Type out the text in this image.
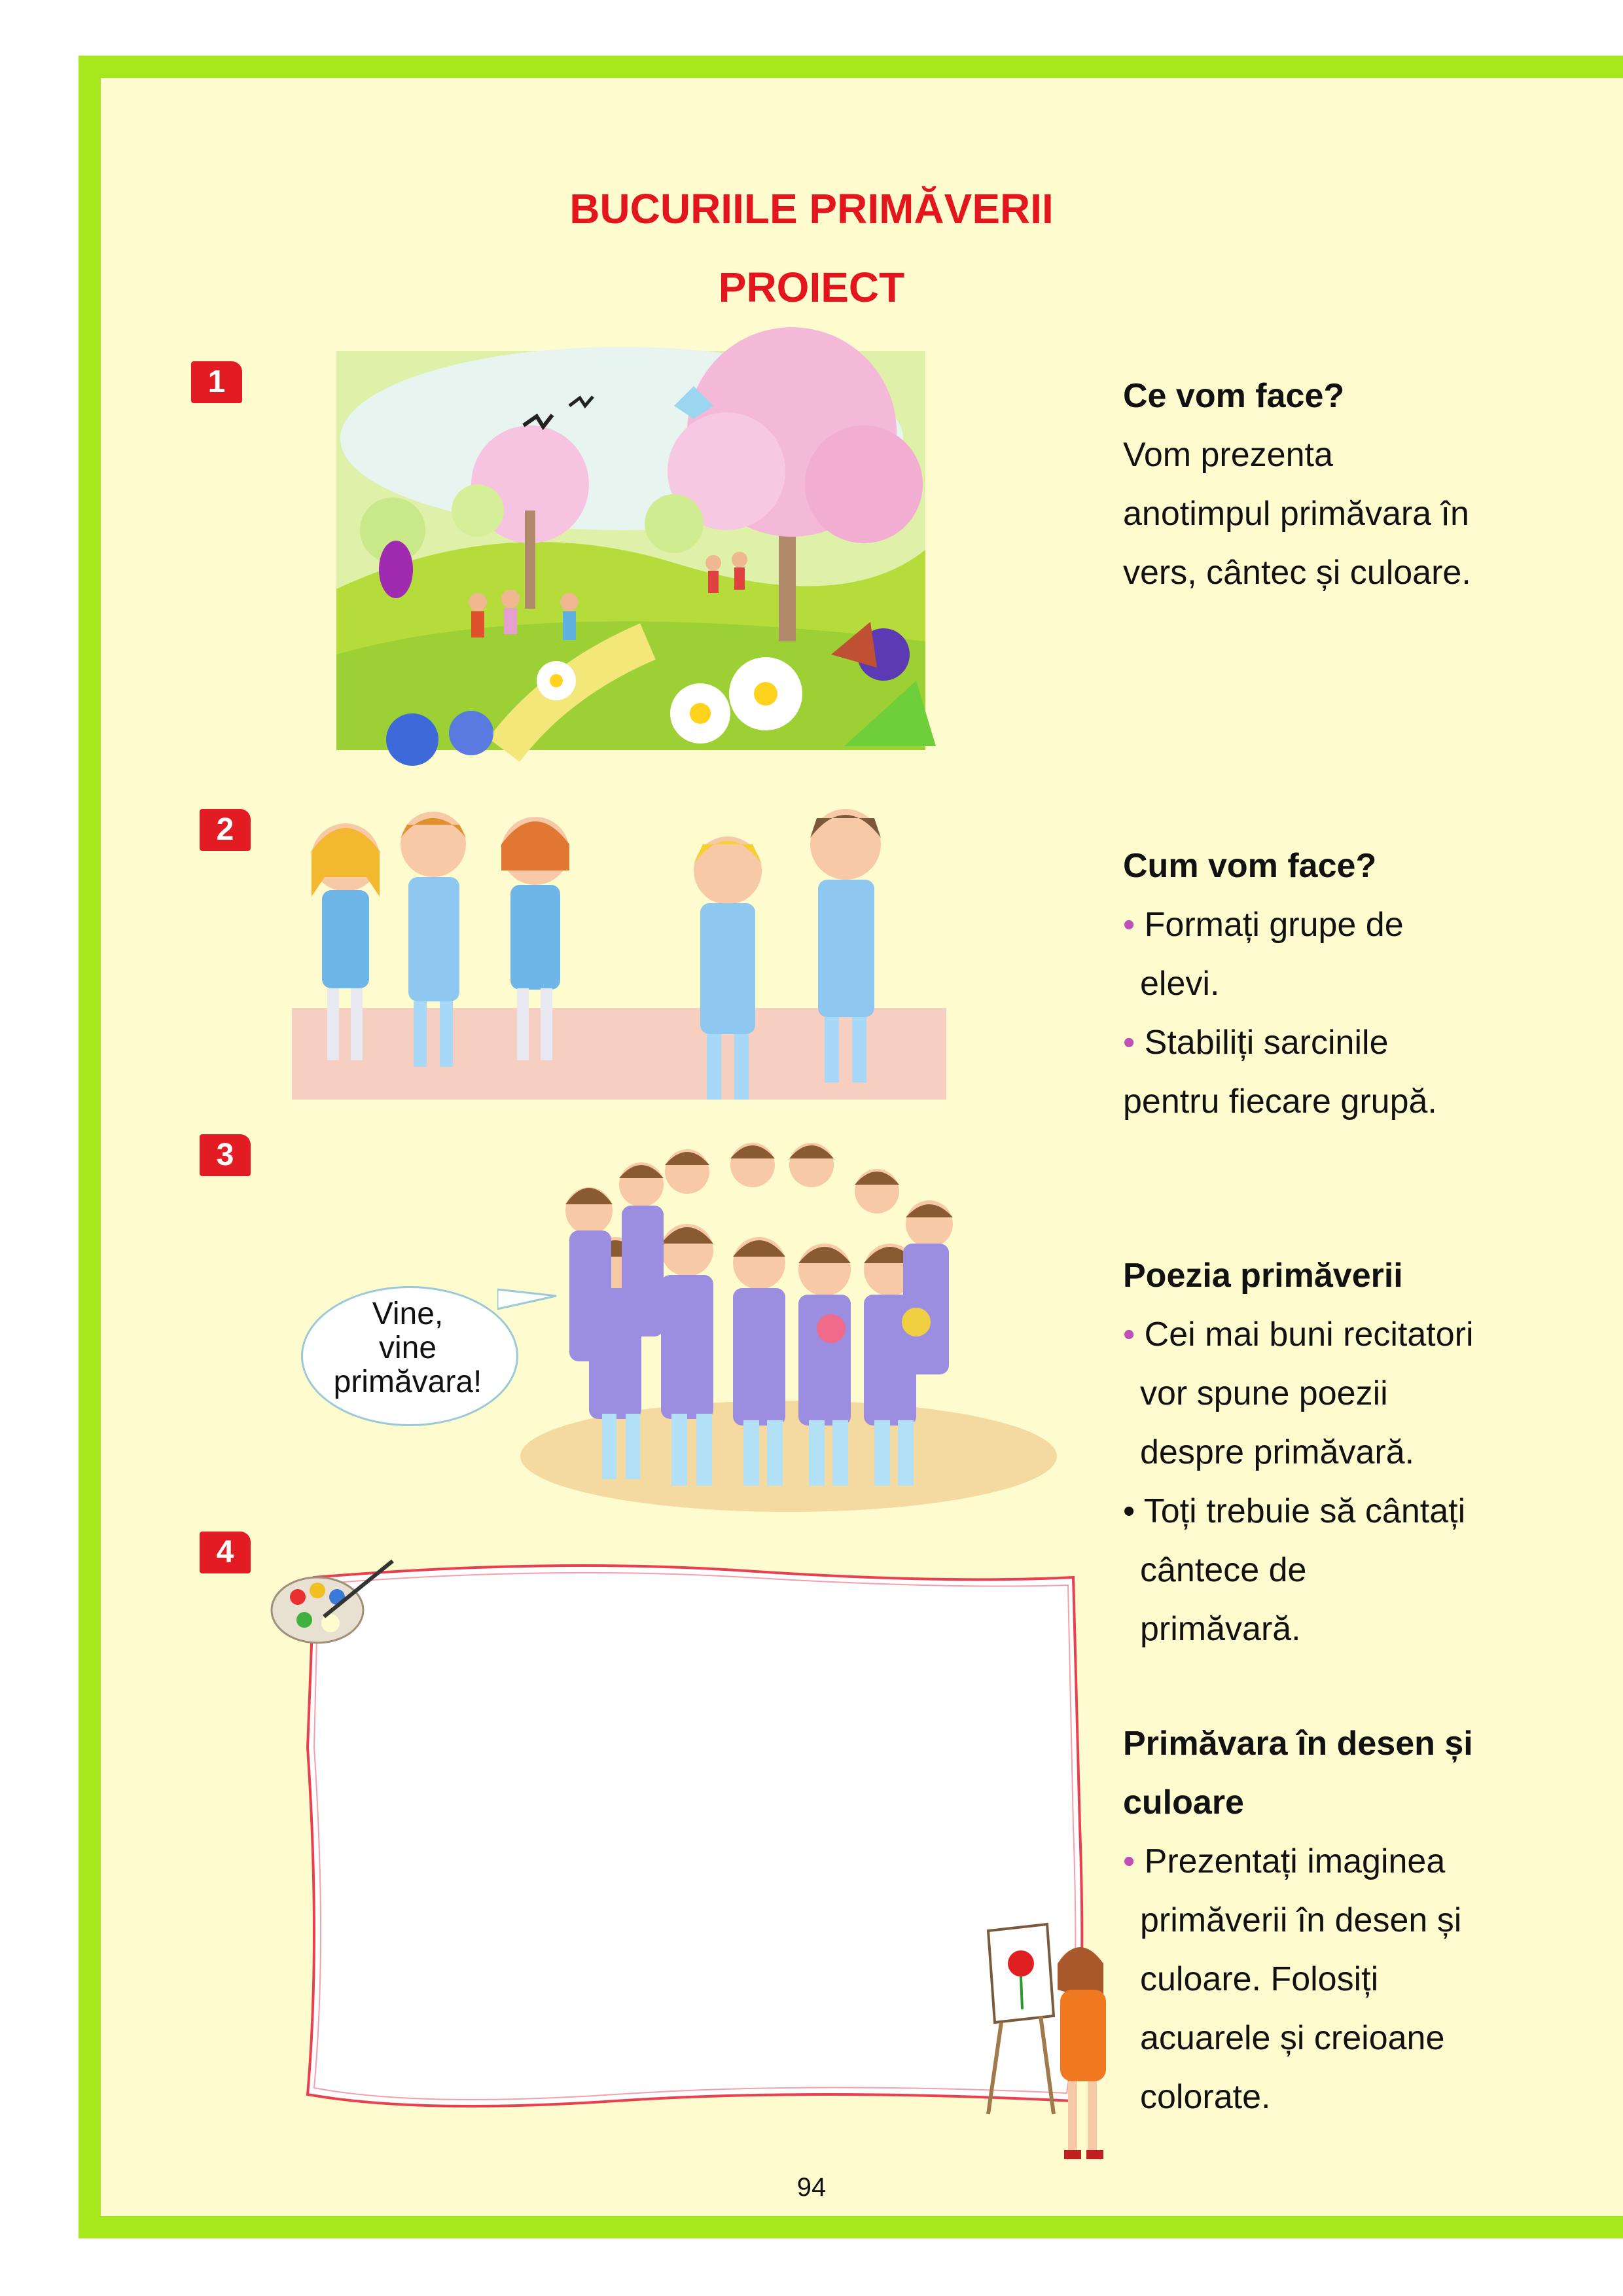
BUCURIILE PRIMĂVERII
PROIECT
1
2
3
4
Vine,
vine
primăvara!

Ce vom face?

Vom prezenta

anotimpul primăvara în

vers, cântec și culoare.

Cum vom face?

• Formați grupe de

elevi.

• Stabiliți sarcinile

pentru fiecare grupă.

Poezia primăverii

• Cei mai buni recitatori

vor spune poezii

despre primăvară.

• Toți trebuie să cântați

cântece de

primăvară.

Primăvara în desen și

culoare

• Prezentați imaginea

primăverii în desen și

culoare. Folosiți

acuarele și creioane

colorate.

94
